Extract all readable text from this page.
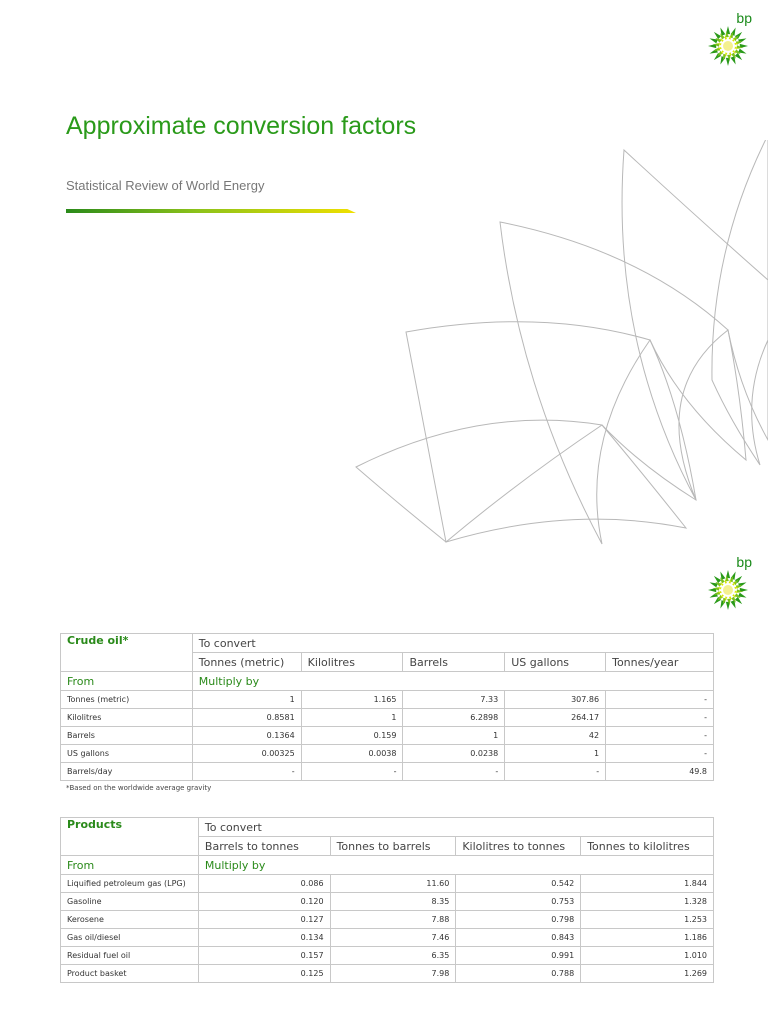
bp
Approximate conversion factors
Statistical Review of World Energy
bp
Crude oil*	To convert				
	Tonnes (metric)	Kilolitres	Barrels	US gallons	Tonnes/year
From	Multiply by				
Tonnes (metric)	1	1.165	7.33	307.86	-
Kilolitres	0.8581	1	6.2898	264.17	-
Barrels	0.1364	0.159	1	42	-
US gallons	0.00325	0.0038	0.0238	1	-
Barrels/day	-	-	-	-	49.8
*Based on the worldwide average gravity
Products	To convert			
	Barrels to tonnes	Tonnes to barrels	Kilolitres to tonnes	Tonnes to kilolitres
From	Multiply by			
Liquified petroleum gas (LPG)	0.086	11.60	0.542	1.844
Gasoline	0.120	8.35	0.753	1.328
Kerosene	0.127	7.88	0.798	1.253
Gas oil/diesel	0.134	7.46	0.843	1.186
Residual fuel oil	0.157	6.35	0.991	1.010
Product basket	0.125	7.98	0.788	1.269
